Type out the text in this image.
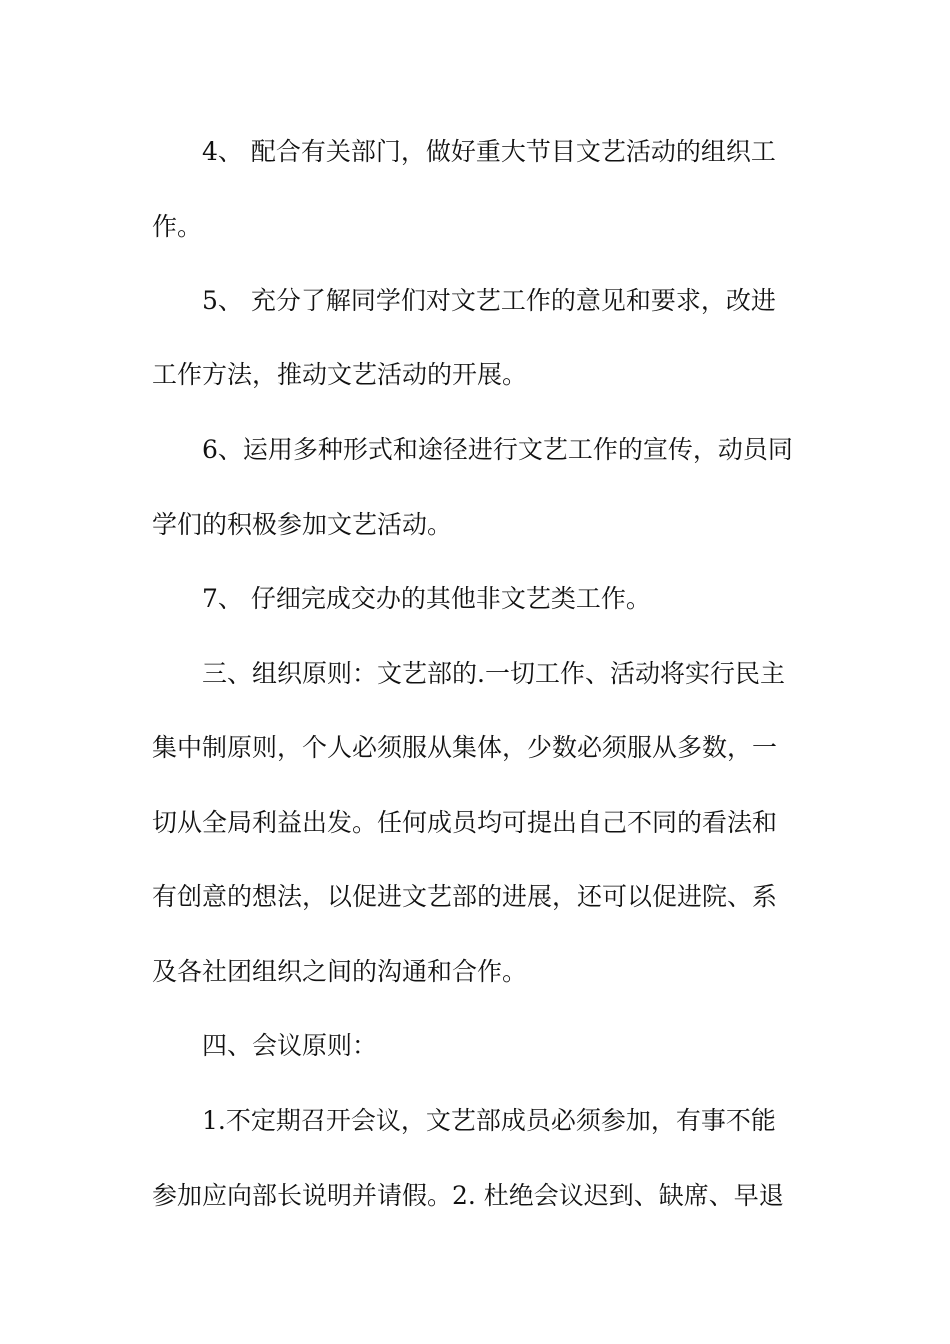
4、 配合有关部门，做好重大节目文艺活动的组织工
作。
5、 充分了解同学们对文艺工作的意见和要求，改进
工作方法，推动文艺活动的开展。
6、运用多种形式和途径进行文艺工作的宣传，动员同
学们的积极参加文艺活动。
7、 仔细完成交办的其他非文艺类工作。
三、组织原则：文艺部的.一切工作、活动将实行民主
集中制原则，个人必须服从集体，少数必须服从多数，一
切从全局利益出发。任何成员均可提出自己不同的看法和
有创意的想法，以促进文艺部的进展，还可以促进院、系
及各社团组织之间的沟通和合作。
四、会议原则：
1.不定期召开会议，文艺部成员必须参加，有事不能
参加应向部长说明并请假。2. 杜绝会议迟到、缺席、早退
